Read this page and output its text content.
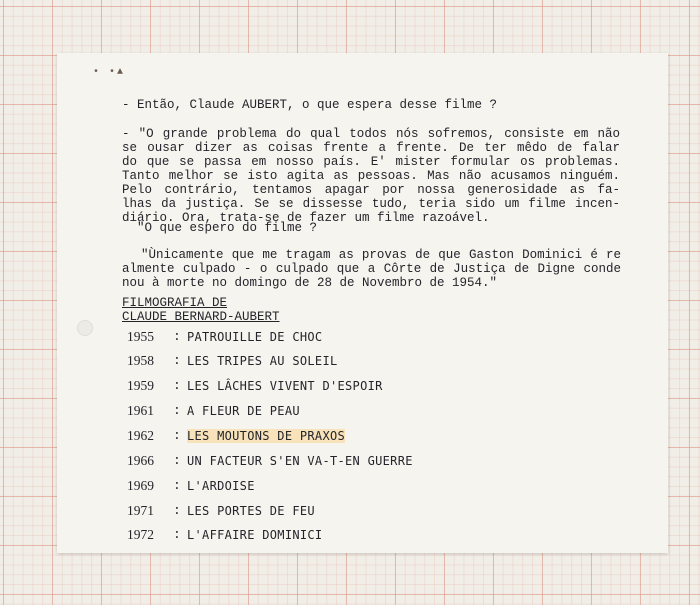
• •▲
- Então, Claude AUBERT, o que espera desse filme ?
- "O grande problema do qual todos nós sofremos, consiste em não
se ousar dizer as coisas frente a frente. De ter mêdo de falar
do que se passa em nosso país. E' mister formular os problemas.
Tanto melhor se isto agita as pessoas. Mas não acusamos ninguém.
Pelo contrário, tentamos apagar por nossa generosidade as fa-
lhas da justiça. Se se dissesse tudo, teria sido um filme incen-
diário. Ora, trata-se de fazer um filme razoável.
"O que espero do filme ?
"Ùnicamente que me tragam as provas de que Gaston Dominici é re
almente culpado - o culpado que a Côrte de Justiça de Digne conde
nou à morte no domingo de 28 de Novembro de 1954."
FILMOGRAFIA DE
CLAUDE BERNARD-AUBERT
1955 : PATROUILLE DE CHOC
1958 : LES TRIPES AU SOLEIL
1959 : LES LÂCHES VIVENT D'ESPOIR
1961 : A FLEUR DE PEAU
1962 : LES MOUTONS DE PRAXOS
1966 : UN FACTEUR S'EN VA-T-EN GUERRE
1969 : L'ARDOISE
1971 : LES PORTES DE FEU
1972 : L'AFFAIRE DOMINICI
